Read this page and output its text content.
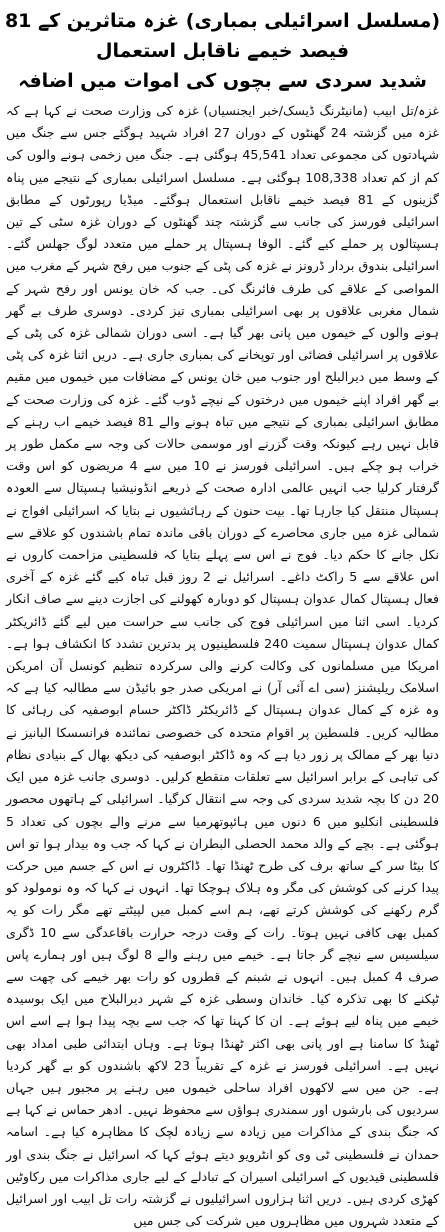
(مسلسل اسرائیلی بمباری) غزہ متاثرین کے 81 فیصد خیمے ناقابل استعمال
شدید سردی سے بچوں کی اموات میں اضافہ

غزہ/تل ابیب (مانیٹرنگ ڈیسک/خبر ایجنسیاں) غزہ کی وزارت صحت نے کہا ہے کہ غزہ میں گزشتہ 24 گھنٹوں کے دوران 27 افراد شہید ہوگئے جس سے جنگ میں شہادتوں کی مجموعی تعداد 45,541 ہوگئی ہے۔ جنگ میں زخمی ہونے والوں کی کم از کم تعداد 108,338 ہوگئی ہے۔ مسلسل اسرائیلی بمباری کے نتیجے میں پناہ گزینوں کے 81 فیصد خیمے ناقابل استعمال ہوگئے۔ میڈیا رپورٹوں کے مطابق اسرائیلی فورسز کی جانب سے گزشتہ چند گھنٹوں کے دوران غزہ سٹی کے تین ہسپتالوں پر حملے کیے گئے۔ الوفا ہسپتال پر حملے میں متعدد لوگ جھلس گئے۔ اسرائیلی بندوق بردار ڈرونز نے غزہ کی پٹی کے جنوب میں رفح شہر کے مغرب میں المواصی کے علاقے کی طرف فائرنگ کی۔ جب کہ خان یونس اور رفح شہر کے شمال مغربی علاقوں پر بھی اسرائیلی بمباری تیز کردی۔ دوسری طرف بے گھر ہونے والوں کے خیموں میں پانی بھر گیا ہے۔ اسی دوران شمالی غزہ کی پٹی کے علاقوں پر اسرائیلی فضائی اور توپخانے کی بمباری جاری ہے۔ دریں اثنا غزہ کی پٹی کے وسط میں دیرالبلح اور جنوب میں خان یونس کے مضافات میں خیموں میں مقیم بے گھر افراد اپنے خیموں میں درختوں کے نیچے ڈوب گئے۔ غزہ کی وزارت صحت کے مطابق اسرائیلی بمباری کے نتیجے میں تباہ ہونے والے 81 فیصد خیمے اب رہنے کے قابل نہیں رہے کیونکہ وقت گزرنے اور موسمی حالات کی وجہ سے مکمل طور پر خراب ہو چکے ہیں۔ اسرائیلی فورسز نے 10 میں سے 4 مریضوں کو اس وقت گرفتار کرلیا جب انہیں عالمی ادارہ صحت کے ذریعے انڈونیشیا ہسپتال سے العودہ ہسپتال منتقل کیا جارہا تھا۔ بیت حنون کے رہائشیوں نے بتایا کہ اسرائیلی افواج نے شمالی غزہ میں جاری محاصرے کے دوران باقی ماندہ تمام باشندوں کو علاقے سے نکل جانے کا حکم دیا۔ فوج نے اس سے پہلے بتایا کہ فلسطینی مزاحمت کاروں نے اس علاقے سے 5 راکٹ داغے۔ اسرائیل نے 2 روز قبل تباہ کیے گئے غزہ کے آخری فعال ہسپتال کمال عدوان ہسپتال کو دوبارہ کھولنے کی اجازت دینے سے صاف انکار کردیا۔ اسی اثنا میں اسرائیلی فوج کی جانب سے حراست میں لیے گئے ڈائریکٹر کمال عدوان ہسپتال سمیت 240 فلسطینیوں پر بدترین تشدد کا انکشاف ہوا ہے۔ امریکا میں مسلمانوں کی وکالت کرنے والی سرکردہ تنظیم کونسل آن امریکن اسلامک ریلیشنز (سی اے آئی آر) نے امریکی صدر جو بائیڈن سے مطالبہ کیا ہے کہ وہ غزہ کے کمال عدوان ہسپتال کے ڈائریکٹر ڈاکٹر حسام ابوصفیہ کی رہائی کا مطالبہ کریں۔ فلسطین پر اقوام متحدہ کی خصوصی نمائندہ فرانسسکا البانیز نے دنیا بھر کے ممالک پر زور دیا ہے کہ وہ ڈاکٹر ابوصفیہ کی دیکھ بھال کے بنیادی نظام کی تباہی کے برابر اسرائیل سے تعلقات منقطع کرلیں۔ دوسری جانب غزہ میں ایک 20 دن کا بچہ شدید سردی کی وجہ سے انتقال کرگیا۔ اسرائیلی کے ہاتھوں محصور فلسطینی انکلیو میں 6 دنوں میں ہائپوتھرمیا سے مرنے والے بچوں کی تعداد 5 ہوگئی ہے۔ بچے کے والد محمد الحصلی البطران نے کہا کہ جب وہ بیدار ہوا تو اس کا بیٹا سر کے ساتھ برف کی طرح ٹھنڈا تھا۔ ڈاکٹروں نے اس کے جسم میں حرکت پیدا کرنے کی کوشش کی مگر وہ ہلاک ہوچکا تھا۔ انہوں نے کہا کہ وہ نومولود کو گرم رکھنے کی کوشش کرتے تھے، ہم اسے کمبل میں لپیٹتے تھے مگر رات کو یہ کمبل بھی کافی نہیں ہوتا۔ رات کے وقت درجہ حرارت باقاعدگی سے 10 ڈگری سیلسیس سے نیچے گر جاتا ہے۔ خیمے میں رہنے والے 8 لوگ ہیں اور ہمارے پاس صرف 4 کمبل ہیں۔ انہوں نے شبنم کے قطروں کو رات بھر خیمے کی چھت سے ٹپکنے کا بھی تذکرہ کیا۔ خاندان وسطی غزہ کے شہر دیرالبلاح میں ایک بوسیدہ خیمے میں پناہ لیے ہوئے ہے۔ ان کا کہنا تھا کہ جب سے بچہ پیدا ہوا ہے اسے اس ٹھنڈ کا سامنا ہے اور پانی بھی اکثر ٹھنڈا ہوتا ہے۔ وہاں ابتدائی طبی امداد بھی نہیں ہے۔ اسرائیلی فورسز نے غزہ کے تقریباً 23 لاکھ باشندوں کو بے گھر کردیا ہے۔ جن میں سے لاکھوں افراد ساحلی خیموں میں رہنے پر مجبور ہیں جہاں سردیوں کی بارشوں اور سمندری ہواؤں سے محفوظ نہیں۔ ادھر حماس نے کہا ہے کہ جنگ بندی کے مذاکرات میں زیادہ سے زیادہ لچک کا مظاہرہ کیا ہے۔ اسامہ حمدان نے فلسطینی ٹی وی کو انٹرویو دیتے ہوئے کہا کہ اسرائیل نے جنگ بندی اور فلسطینی قیدیوں کے اسرائیلی اسیران کے تبادلے کے لیے جاری مذاکرات میں رکاوٹیں کھڑی کردی ہیں۔ دریں اثنا ہزاروں اسرائیلیوں نے گزشتہ رات تل ابیب اور اسرائیل کے متعدد شہروں میں مظاہروں میں شرکت کی جس میں
